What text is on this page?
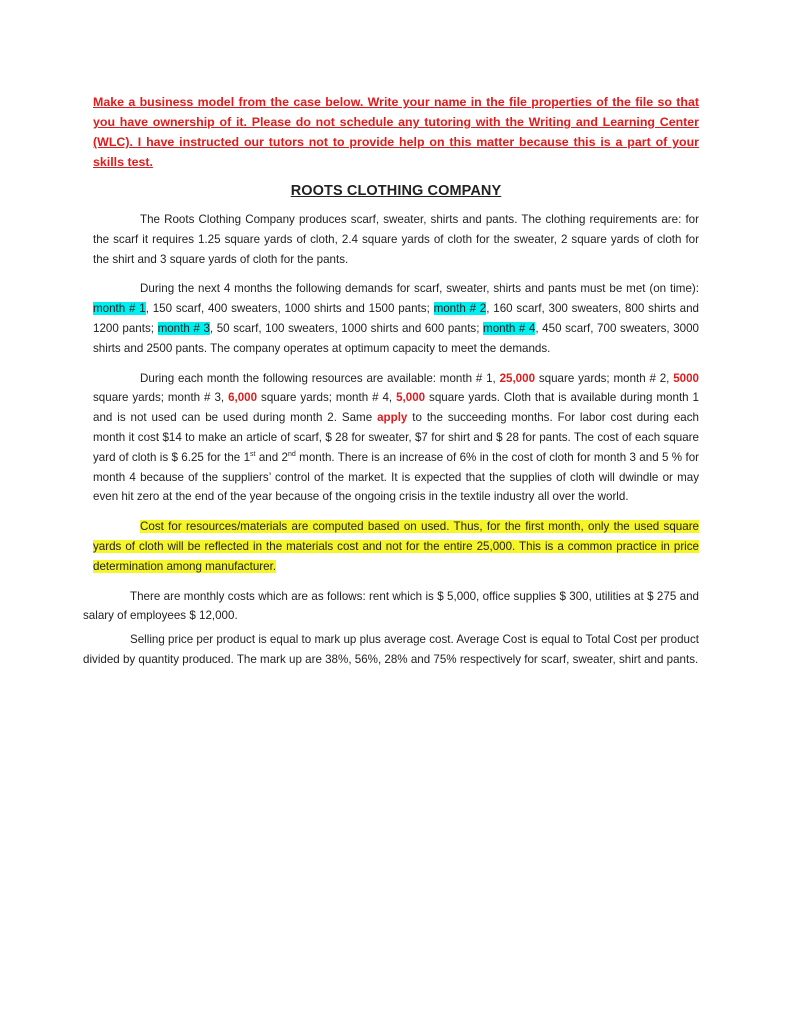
Make a business model from the case below. Write your name in the file properties of the file so that you have ownership of it. Please do not schedule any tutoring with the Writing and Learning Center (WLC). I have instructed our tutors not to provide help on this matter because this is a part of your skills test.

ROOTS CLOTHING COMPANY

The Roots Clothing Company produces scarf, sweater, shirts and pants. The clothing requirements are: for the scarf it requires 1.25 square yards of cloth, 2.4 square yards of cloth for the sweater, 2 square yards of cloth for the shirt and 3 square yards of cloth for the pants.

During the next 4 months the following demands for scarf, sweater, shirts and pants must be met (on time): month # 1, 150 scarf, 400 sweaters, 1000 shirts and 1500 pants; month # 2, 160 scarf, 300 sweaters, 800 shirts and 1200 pants; month # 3, 50 scarf, 100 sweaters, 1000 shirts and 600 pants; month # 4, 450 scarf, 700 sweaters, 3000 shirts and 2500 pants. The company operates at optimum capacity to meet the demands.

During each month the following resources are available: month # 1, 25,000 square yards; month # 2, 5000 square yards; month # 3, 6,000 square yards; month # 4, 5,000 square yards. Cloth that is available during month 1 and is not used can be used during month 2. Same apply to the succeeding months. For labor cost during each month it cost $14 to make an article of scarf, $ 28 for sweater, $7 for shirt and $ 28 for pants. The cost of each square yard of cloth is $ 6.25 for the 1st and 2nd month. There is an increase of 6% in the cost of cloth for month 3 and 5 % for month 4 because of the suppliers’ control of the market. It is expected that the supplies of cloth will dwindle or may even hit zero at the end of the year because of the ongoing crisis in the textile industry all over the world.

Cost for resources/materials are computed based on used. Thus, for the first month, only the used square yards of cloth will be reflected in the materials cost and not for the entire 25,000. This is a common practice in price determination among manufacturer.

There are monthly costs which are as follows: rent which is $ 5,000, office supplies $ 300, utilities at $ 275 and salary of employees $ 12,000.

Selling price per product is equal to mark up plus average cost. Average Cost is equal to Total Cost per product divided by quantity produced. The mark up are 38%, 56%, 28% and 75% respectively for scarf, sweater, shirt and pants.
